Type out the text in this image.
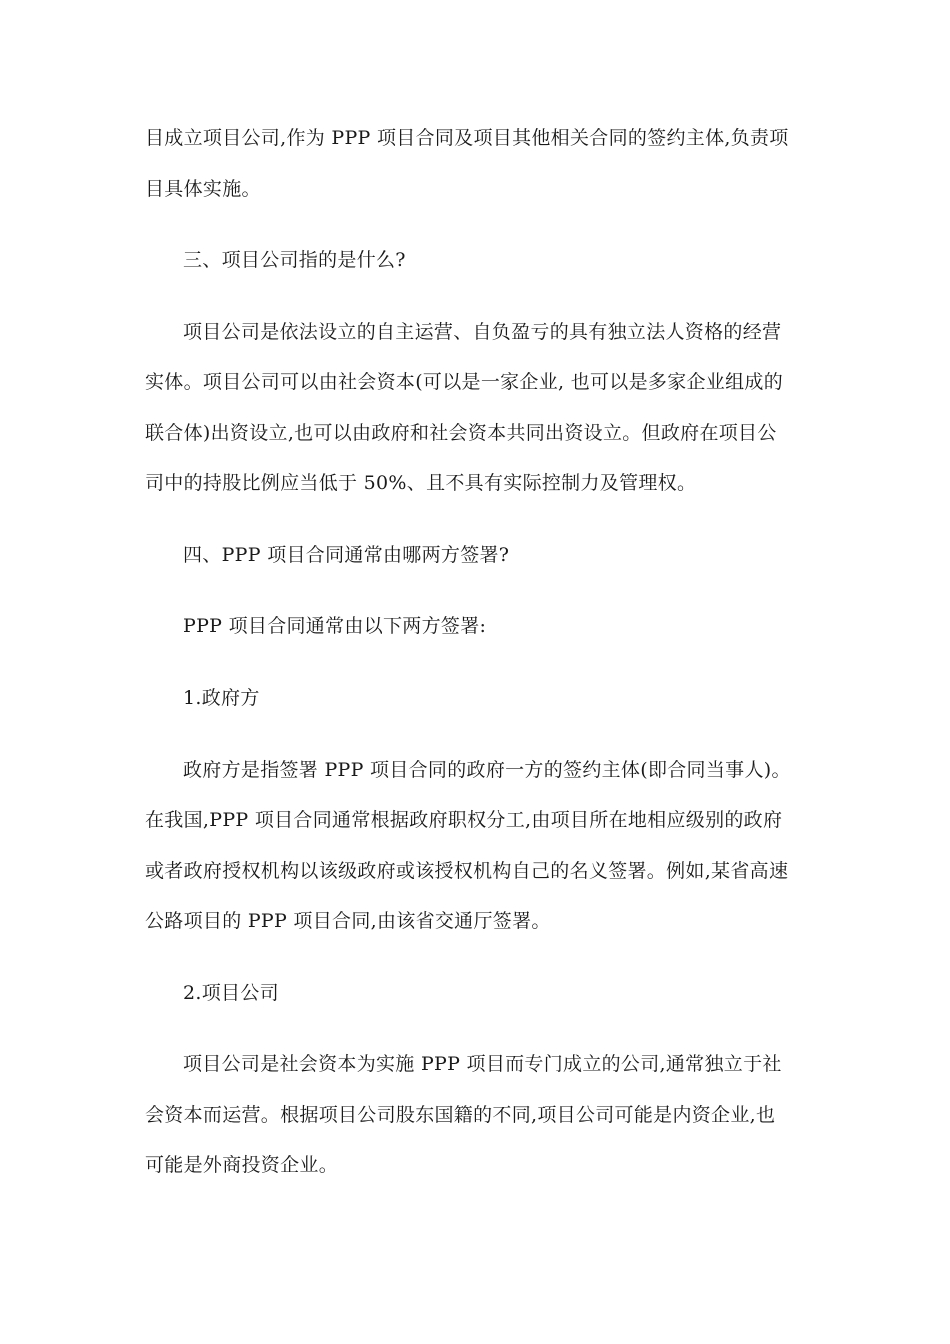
目成立项目公司,作为 PPP 项目合同及项目其他相关合同的签约主体,负责项
目具体实施。
三、项目公司指的是什么?
项目公司是依法设立的自主运营、自负盈亏的具有独立法人资格的经营
实体。项目公司可以由社会资本(可以是一家企业, 也可以是多家企业组成的
联合体)出资设立,也可以由政府和社会资本共同出资设立。但政府在项目公
司中的持股比例应当低于 50%、且不具有实际控制力及管理权。
四、PPP 项目合同通常由哪两方签署?
PPP 项目合同通常由以下两方签署:
1.政府方
政府方是指签署 PPP 项目合同的政府一方的签约主体(即合同当事人)。
在我国,PPP 项目合同通常根据政府职权分工,由项目所在地相应级别的政府
或者政府授权机构以该级政府或该授权机构自己的名义签署。例如,某省高速
公路项目的 PPP 项目合同,由该省交通厅签署。
2.项目公司
项目公司是社会资本为实施 PPP 项目而专门成立的公司,通常独立于社
会资本而运营。根据项目公司股东国籍的不同,项目公司可能是内资企业,也
可能是外商投资企业。
